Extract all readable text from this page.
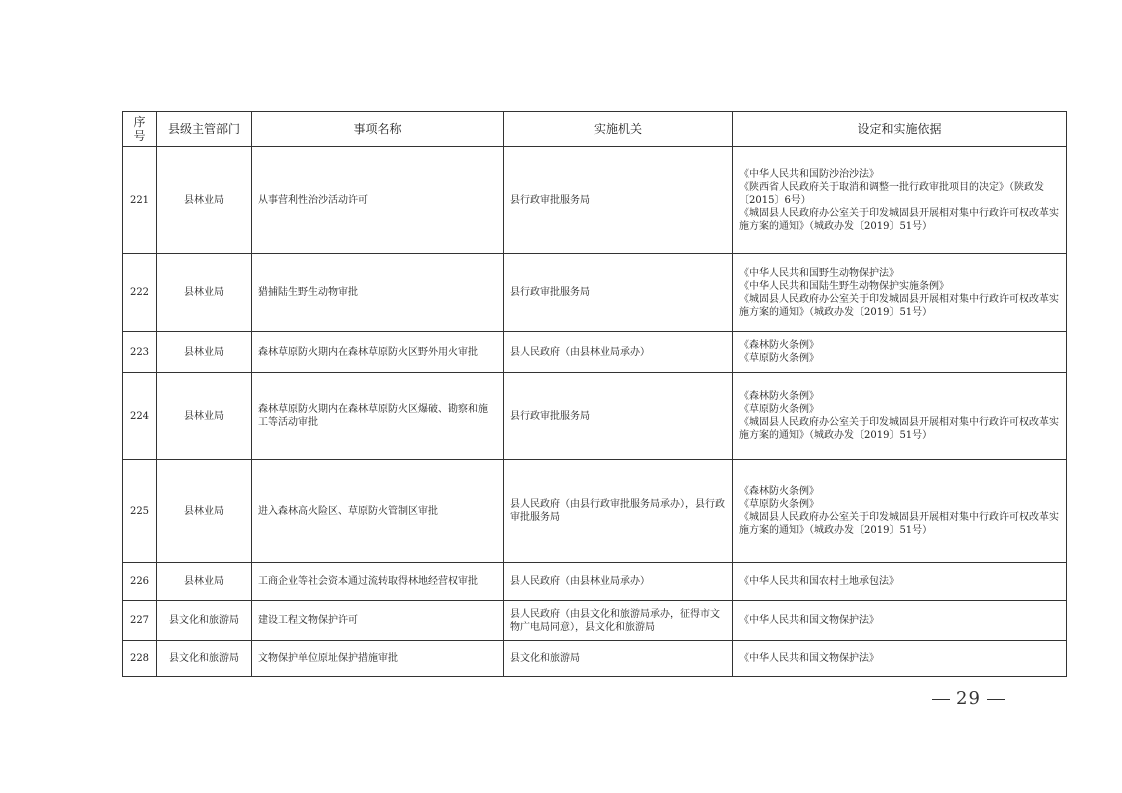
序号	县级主管部门	事项名称	实施机关	设定和实施依据
221	县林业局	从事营利性治沙活动许可	县行政审批服务局	《中华人民共和国防沙治沙法》
《陕西省人民政府关于取消和调整一批行政审批项目的决定》（陕政发〔2015〕6号）
《城固县人民政府办公室关于印发城固县开展相对集中行政许可权改革实施方案的通知》（城政办发〔2019〕51号）

222	县林业局	猎捕陆生野生动物审批	县行政审批服务局	《中华人民共和国野生动物保护法》
《中华人民共和国陆生野生动物保护实施条例》
《城固县人民政府办公室关于印发城固县开展相对集中行政许可权改革实施方案的通知》（城政办发〔2019〕51号）

223	县林业局	森林草原防火期内在森林草原防火区野外用火审批	县人民政府（由县林业局承办）	《森林防火条例》
《草原防火条例》

224	县林业局	森林草原防火期内在森林草原防火区爆破、勘察和施工等活动审批	县行政审批服务局	《森林防火条例》
《草原防火条例》
《城固县人民政府办公室关于印发城固县开展相对集中行政许可权改革实施方案的通知》（城政办发〔2019〕51号）

225	县林业局	进入森林高火险区、草原防火管制区审批	县人民政府（由县行政审批服务局承办），县行政审批服务局	《森林防火条例》
《草原防火条例》
《城固县人民政府办公室关于印发城固县开展相对集中行政许可权改革实施方案的通知》（城政办发〔2019〕51号）

226	县林业局	工商企业等社会资本通过流转取得林地经营权审批	县人民政府（由县林业局承办）	《中华人民共和国农村土地承包法》

227	县文化和旅游局	建设工程文物保护许可	县人民政府（由县文化和旅游局承办，征得市文物广电局同意），县文化和旅游局	《中华人民共和国文物保护法》

228	县文化和旅游局	文物保护单位原址保护措施审批	县文化和旅游局	《中华人民共和国文物保护法》
29
